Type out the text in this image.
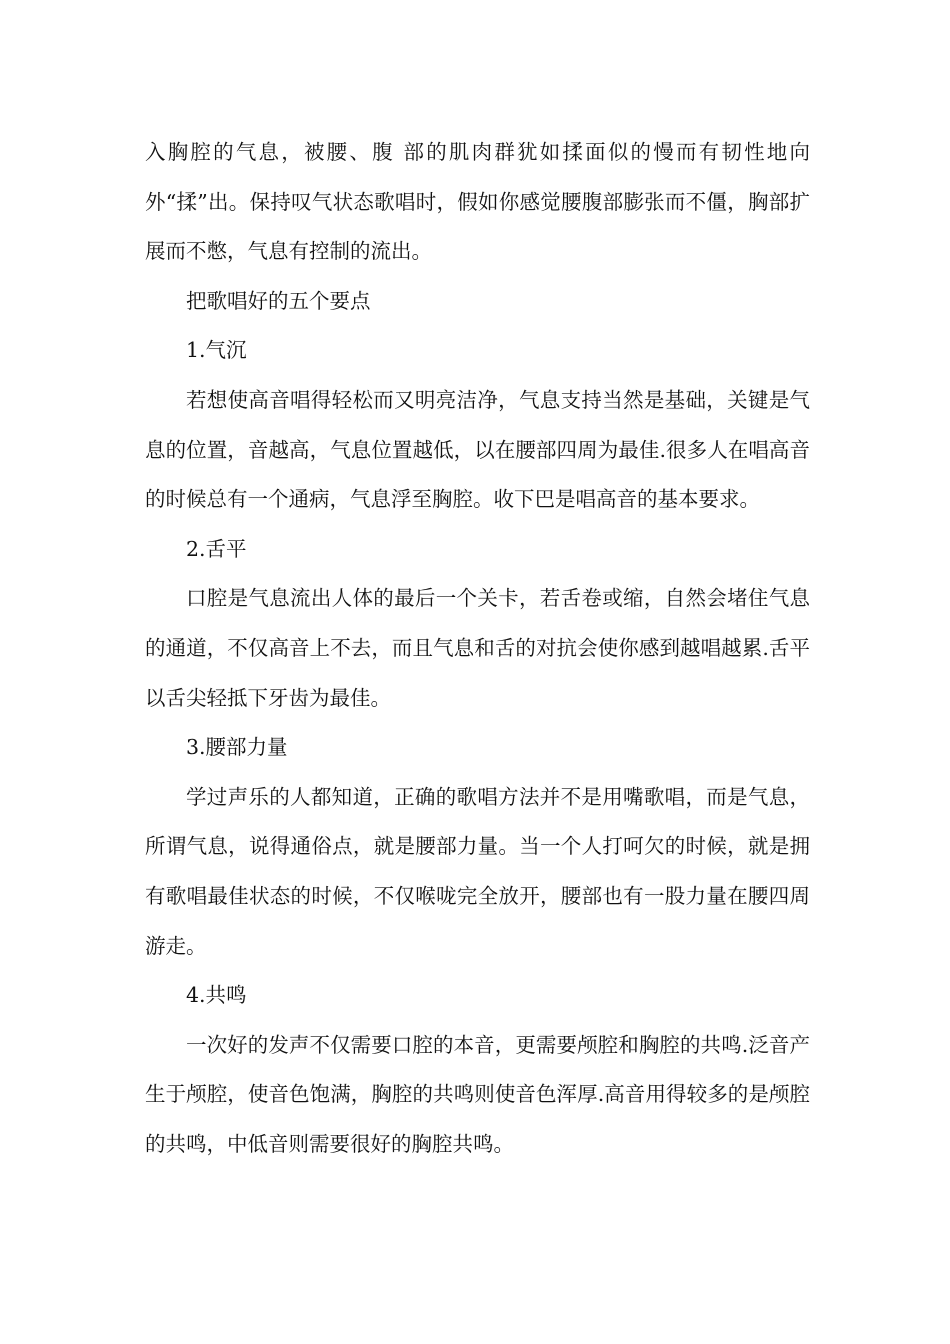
入胸腔的气息，被腰、腹 部的肌肉群犹如揉面似的慢而有韧性地向外“揉”出。保持叹气状态歌唱时，假如你感觉腰腹部膨张而不僵，胸部扩展而不憋，气息有控制的流出。

把歌唱好的五个要点

1.气沉

若想使高音唱得轻松而又明亮洁净，气息支持当然是基础，关键是气息的位置，音越高，气息位置越低，以在腰部四周为最佳.很多人在唱高音的时候总有一个通病，气息浮至胸腔。收下巴是唱高音的基本要求。

2.舌平

口腔是气息流出人体的最后一个关卡，若舌卷或缩，自然会堵住气息的通道，不仅高音上不去，而且气息和舌的对抗会使你感到越唱越累.舌平以舌尖轻抵下牙齿为最佳。

3.腰部力量

学过声乐的人都知道，正确的歌唱方法并不是用嘴歌唱，而是气息，所谓气息，说得通俗点，就是腰部力量。当一个人打呵欠的时候，就是拥有歌唱最佳状态的时候，不仅喉咙完全放开，腰部也有一股力量在腰四周游走。

4.共鸣

一次好的发声不仅需要口腔的本音，更需要颅腔和胸腔的共鸣.泛音产生于颅腔，使音色饱满，胸腔的共鸣则使音色浑厚.高音用得较多的是颅腔的共鸣，中低音则需要很好的胸腔共鸣。
